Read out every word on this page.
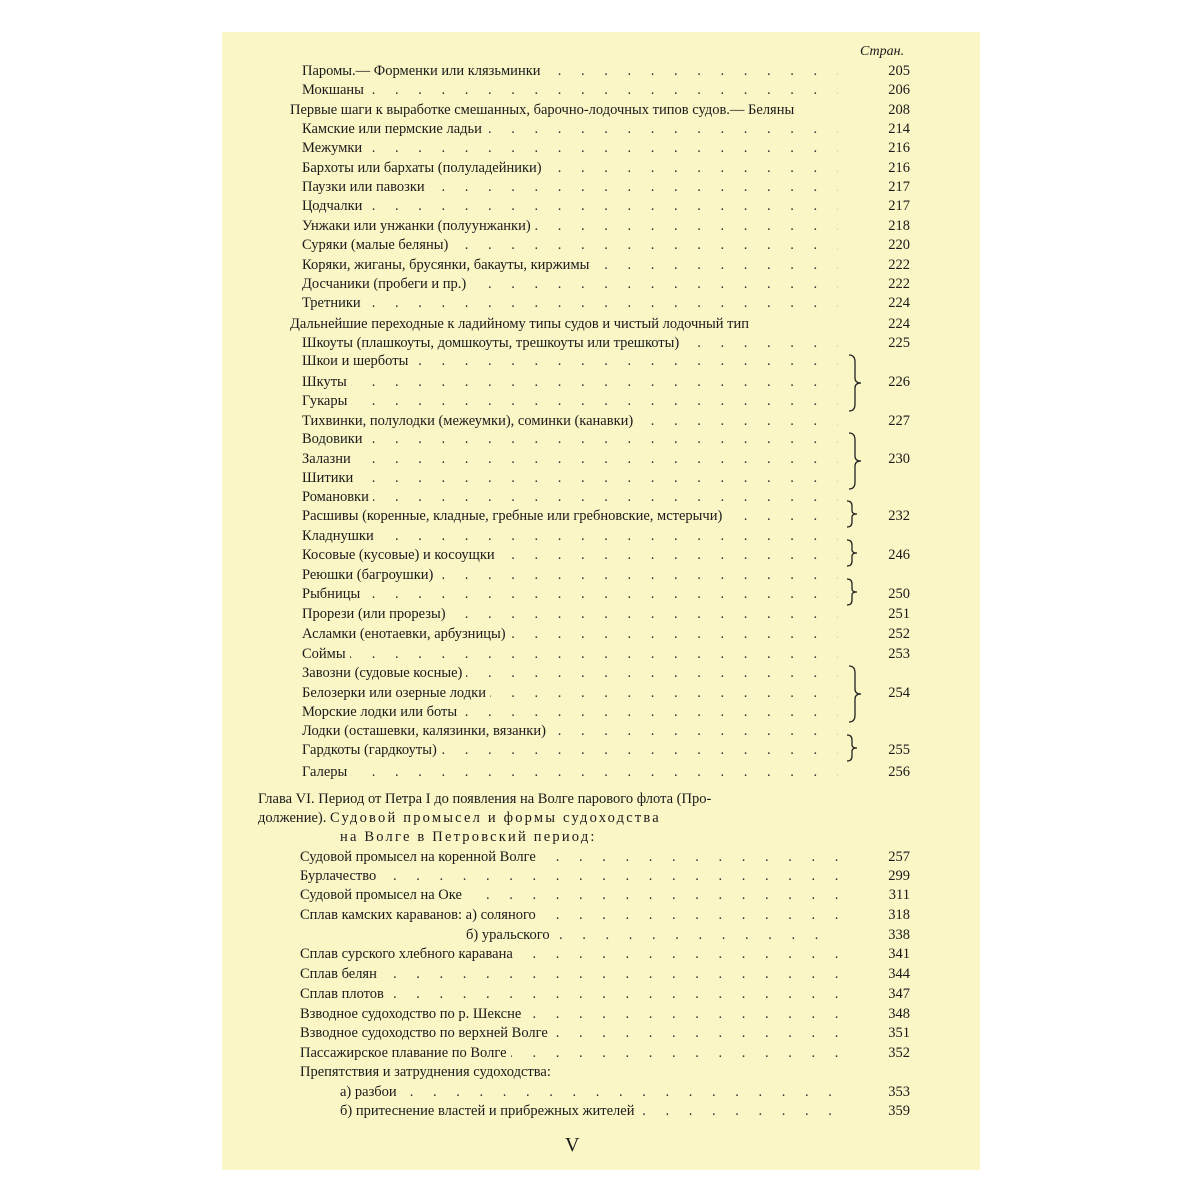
Стран.
Паромы.— Форменки или клязьминки . . .	205
Мокшаны . . .	206
Первые шаги к выработке смешанных, барочно-лодочных типов судов.— Беляны	208
Камские или пермские ладьи . . .	214
Межумки . . .	216
Бархоты или бархаты (полуладейники) . . .	216
Паузки или павозки . . .	217
Цодчалки . . .	217
Унжаки или унжанки (полуунжанки) . . .	218
Суряки (малые беляны) . . .	220
Коряки, жиганы, брусянки, бакауты, киржимы . . .	222
Досчаники (пробеги и пр.) . . .	222
Третники . . .	224
Дальнейшие переходные к ладийному типы судов и чистый лодочный тип	224
Шкоуты (плашкоуты, домшкоуты, трешкоуты или трешкоты) . . .	225
Шкои и шерботы . . .
Шкуты . . .	226
Гукары . . .
Тихвинки, полулодки (межеумки), соминки (канавки) . . .	227
Водовики . . .
Залазни . . .	230
Шитики . . .
Романовки . . .
Расшивы (коренные, кладные, гребные или гребновские, мстерычи) . . .	232
Кладнушки . . .
Косовые (кусовые) и косоущки . . .	246
Реюшки (багроушки) . . .
Рыбницы . . .	250
Прорези (или прорезы) . . .	251
Асламки (енотаевки, арбузницы) . . .	252
Соймы . . .	253
Завозни (судовые косные) . . .
Белозерки или озерные лодки . . .	254
Морские лодки или боты . . .
Лодки (осташевки, калязинки, вязанки) . . .
Гардкоты (гардкоуты) . . .	255
Галеры . . .	256
Судовой промысел на коренной Волге . . .	257
Бурлачество . . .	299
Судовой промысел на Оке . . .	311
Сплав камских караванов: а) соляного . . .	318
б) уральского . . .	338
Сплав сурского хлебного каравана . . .	341
Сплав белян . . .	344
Сплав плотов . . .	347
Взводное судоходство по р. Шексне . . .	348
Взводное судоходство по верхней Волге . . .	351
Пассажирское плавание по Волге . . .	352
Препятствия и затруднения судоходства:
а) разбои . . .	353
б) притеснение властей и прибрежных жителей . . .	359
Глава VI. Период от Петра I до появления на Волге парового флота (Про-
должение). Судовой промысел и формы судоходства
на Волге в Петровский период:
V
